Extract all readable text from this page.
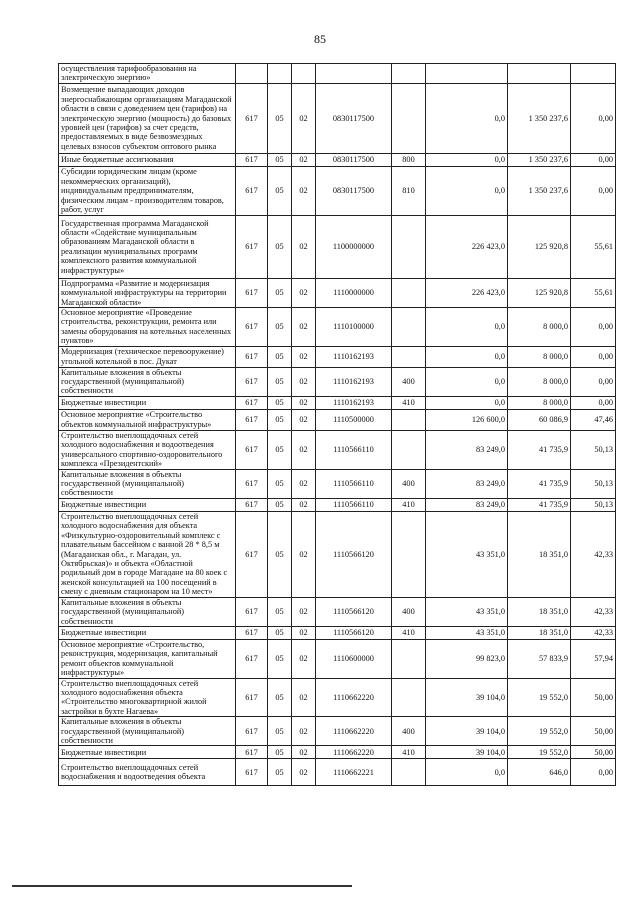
85
осуществления тарифообразования на электрическую энергию»								
Возмещение выпадающих доходов энергоснабжающим организациям Магаданской области в связи с доведением цен (тарифов) на электрическую энергию (мощность) до базовых уровней цен (тарифов) за счет средств, предоставляемых в виде безвозмездных целевых взносов субъектом оптового рынка	617	05	02	0830117500		0,0	1 350 237,6	0,00
Иные бюджетные ассигнования	617	05	02	0830117500	800	0,0	1 350 237,6	0,00
Субсидии юридическим лицам (кроме некоммерческих организаций), индивидуальным предпринимателям, физическим лицам - производителям товаров, работ, услуг	617	05	02	0830117500	810	0,0	1 350 237,6	0,00
Государственная программа Магаданской области «Содействие муниципальным образованиям Магаданской области в реализации муниципальных программ комплексного развития коммунальной инфраструктуры»	617	05	02	1100000000		226 423,0	125 920,8	55,61
Подпрограмма «Развитие и модернизация коммунальной инфраструктуры на территории Магаданской области»	617	05	02	1110000000		226 423,0	125 920,8	55,61
Основное мероприятие «Проведение строительства, реконструкции, ремонта или замены оборудования на котельных населенных пунктов»	617	05	02	1110100000		0,0	8 000,0	0,00
Модернизация (техническое перевооружение) угольной котельной в пос. Дукат	617	05	02	1110162193		0,0	8 000,0	0,00
Капитальные вложения в объекты государственной (муниципальной) собственности	617	05	02	1110162193	400	0,0	8 000,0	0,00
Бюджетные инвестиции	617	05	02	1110162193	410	0,0	8 000,0	0,00
Основное мероприятие «Строительство объектов коммунальной инфраструктуры»	617	05	02	1110500000		126 600,0	60 086,9	47,46
Строительство внеплощадочных сетей холодного водоснабжения и водоотведения универсального спортивно-оздоровительного комплекса «Президентский»	617	05	02	1110566110		83 249,0	41 735,9	50,13
Капитальные вложения в объекты государственной (муниципальной) собственности	617	05	02	1110566110	400	83 249,0	41 735,9	50,13
Бюджетные инвестиции	617	05	02	1110566110	410	83 249,0	41 735,9	50,13
Строительство внеплощадочных сетей холодного водоснабжения для объекта «Физкультурно-оздоровительный комплекс с плавательным бассейном с ванной 28 * 8,5 м (Магаданская обл., г. Магадан, ул. Октябрьская)» и объекта «Областной родильный дом в городе Магадане на 80 коек с женской консультацией на 100 посещений в смену с дневным стационаром на 10 мест»	617	05	02	1110566120		43 351,0	18 351,0	42,33
Капитальные вложения в объекты государственной (муниципальной) собственности	617	05	02	1110566120	400	43 351,0	18 351,0	42,33
Бюджетные инвестиции	617	05	02	1110566120	410	43 351,0	18 351,0	42,33
Основное мероприятие «Строительство, реконструкция, модернизация, капитальный ремонт объектов коммунальной инфраструктуры»	617	05	02	1110600000		99 823,0	57 833,9	57,94
Строительство внеплощадочных сетей холодного водоснабжения объекта «Строительство многоквартирной жилой застройки в бухте Нагаева»	617	05	02	1110662220		39 104,0	19 552,0	50,00
Капитальные вложения в объекты государственной (муниципальной) собственности	617	05	02	1110662220	400	39 104,0	19 552,0	50,00
Бюджетные инвестиции	617	05	02	1110662220	410	39 104,0	19 552,0	50,00
Строительство внеплощадочных сетей водоснабжения и водоотведения объекта	617	05	02	1110662221		0,0	646,0	0,00
